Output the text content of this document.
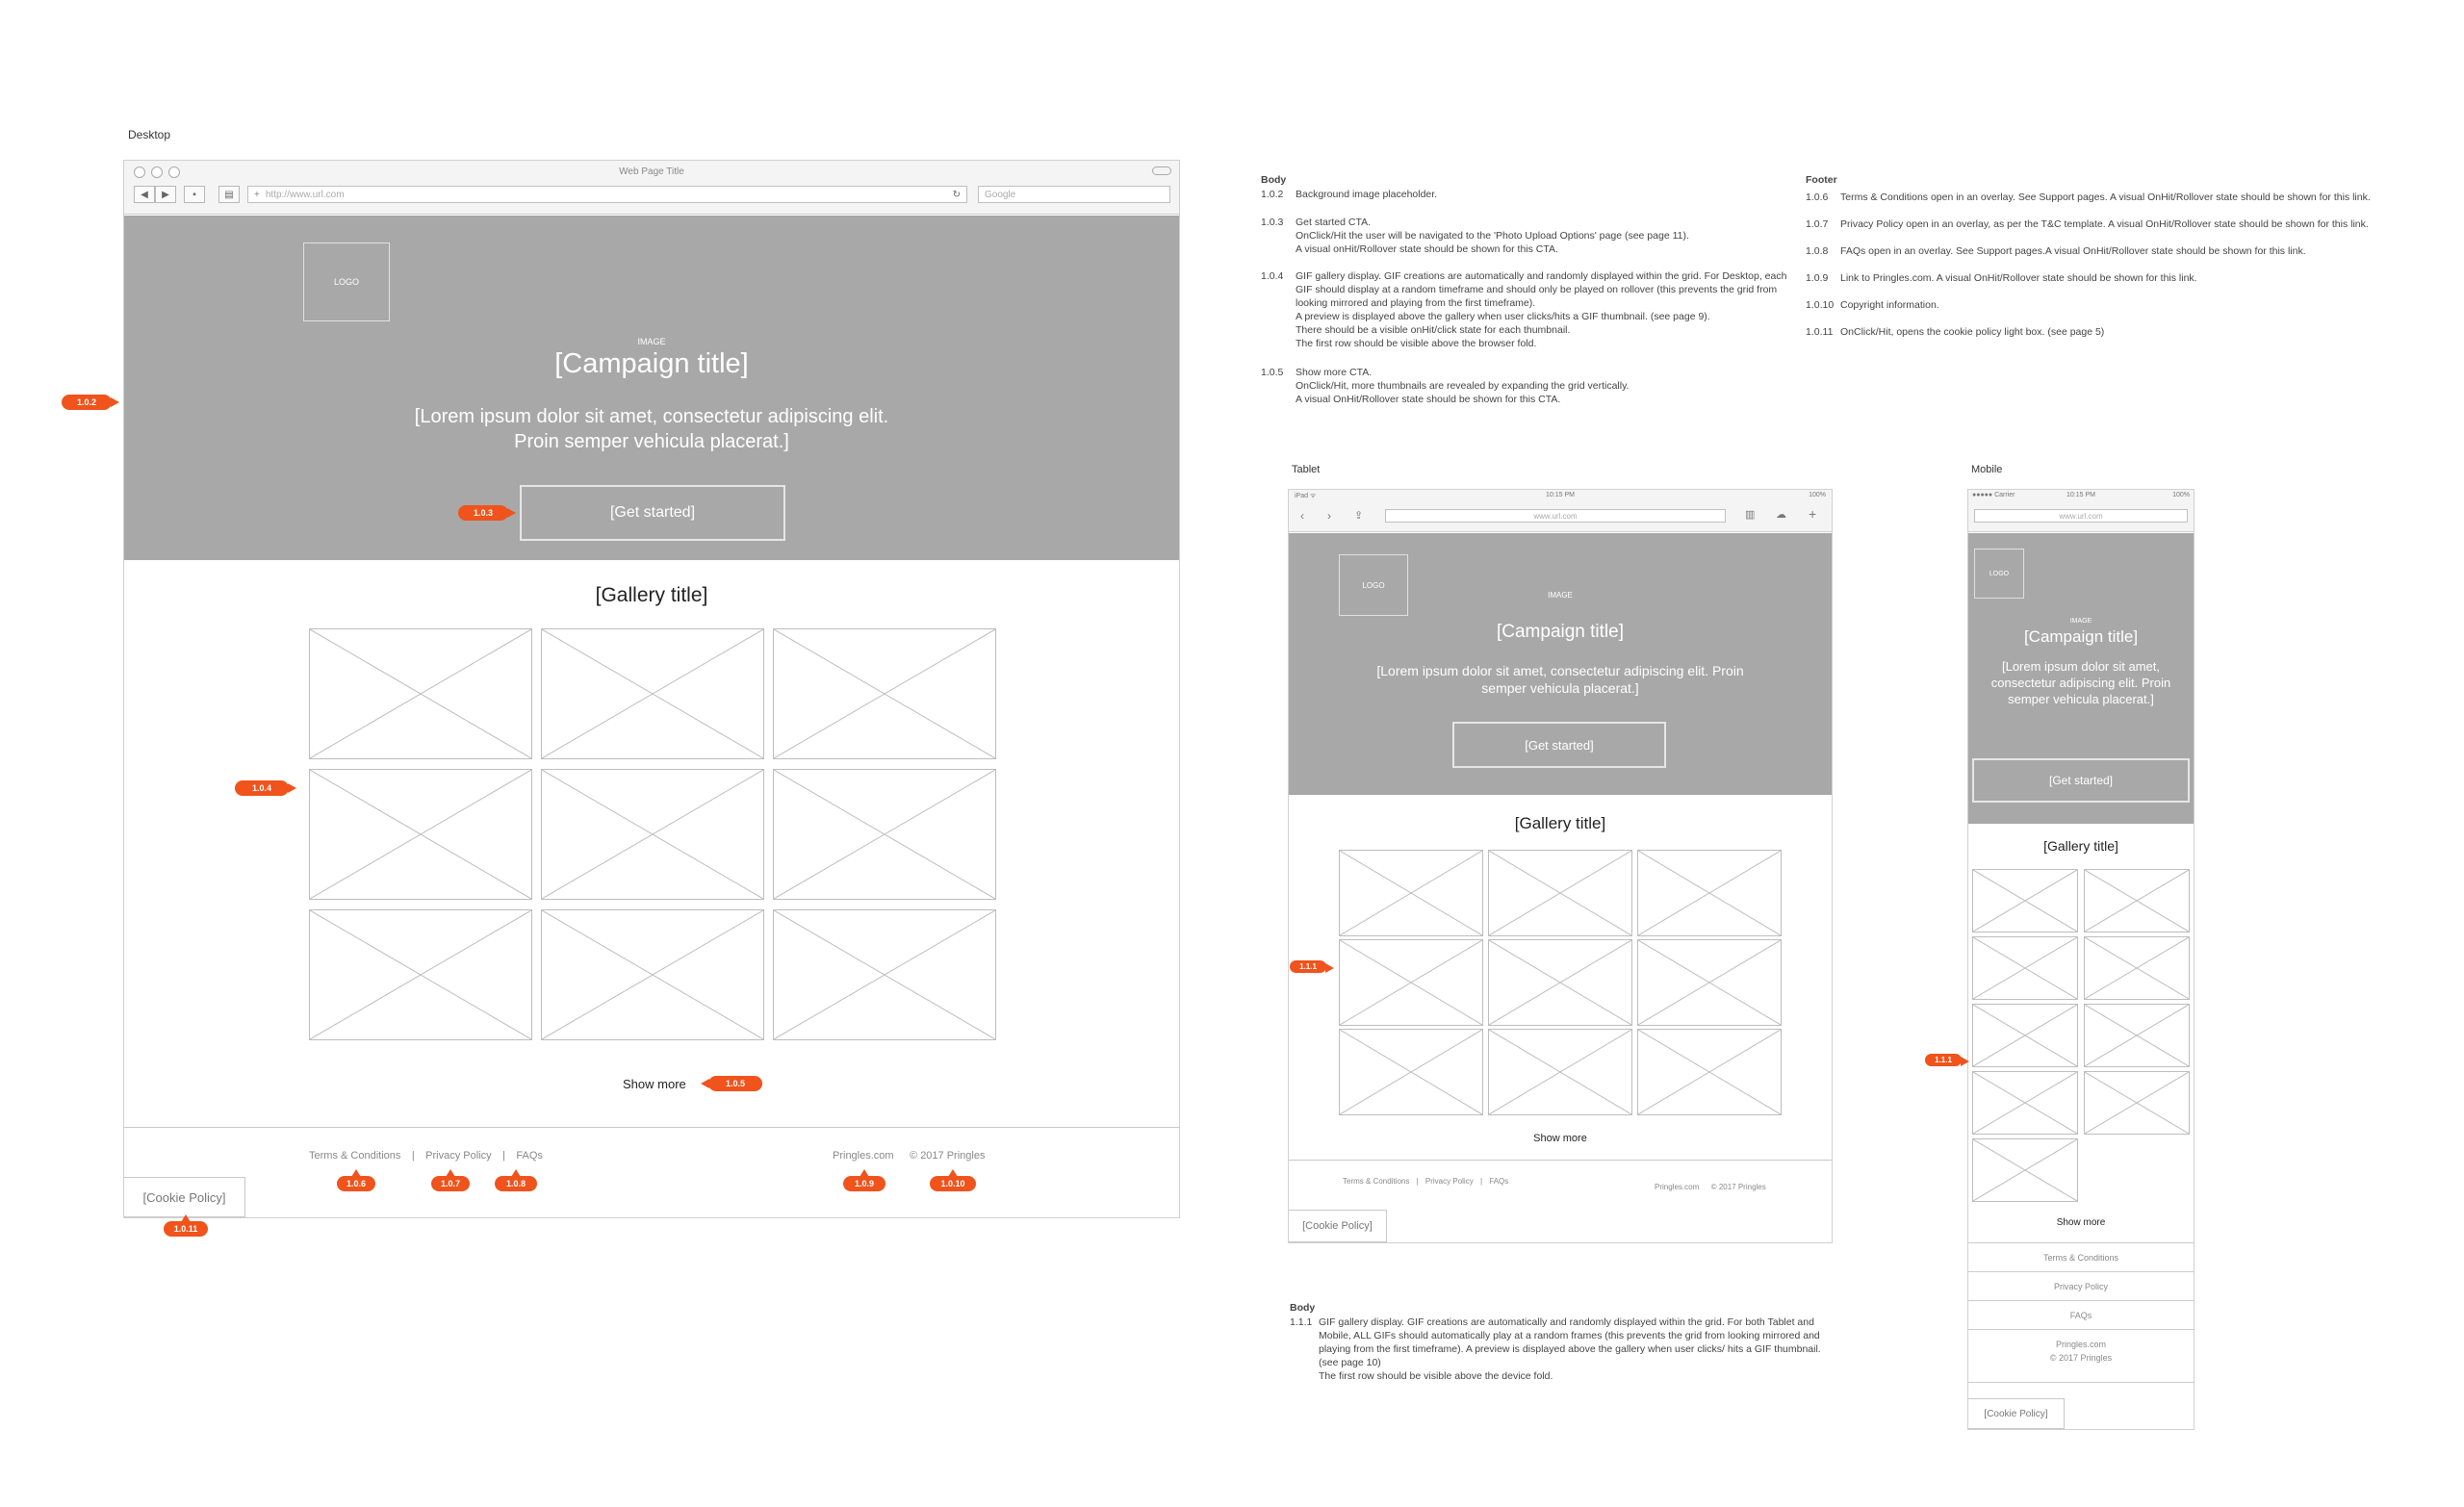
Desktop
Web Page Title
◀	▶	▪	▤	+ http://www.url.com	↻	Google
LOGO
IMAGE
[Campaign title]
[Lorem ipsum dolor sit amet, consectetur adipiscing elit. Proin semper vehicula placerat.]
[Get started]
[Gallery title]
Show more
Terms & Conditions | Privacy Policy | FAQs	Pringles.com © 2017 Pringles
[Cookie Policy]
1.0.2
1.0.3
1.0.4
1.0.5
1.0.6	1.0.7	1.0.8	1.0.9	1.0.10
1.0.11
Body
1.0.2 Background image placeholder.
1.0.3 Get started CTA.
OnClick/Hit the user will be navigated to the 'Photo Upload Options' page (see page 11).
A visual onHit/Rollover state should be shown for this CTA.
1.0.4 GIF gallery display. GIF creations are automatically and randomly displayed within the grid. For Desktop, each GIF should display at a random timeframe and should only be played on rollover (this prevents the grid from looking mirrored and playing from the first timeframe).
A preview is displayed above the gallery when user clicks/hits a GIF thumbnail. (see page 9).
There should be a visible onHit/click state for each thumbnail.
The first row should be visible above the browser fold.
1.0.5 Show more CTA.
OnClick/Hit, more thumbnails are revealed by expanding the grid vertically.
A visual OnHit/Rollover state should be shown for this CTA.
Footer
1.0.6 Terms & Conditions open in an overlay. See Support pages. A visual OnHit/Rollover state should be shown for this link.
1.0.7 Privacy Policy open in an overlay, as per the T&C template. A visual OnHit/Rollover state should be shown for this link.
1.0.8 FAQs open in an overlay. See Support pages.A visual OnHit/Rollover state should be shown for this link.
1.0.9 Link to Pringles.com. A visual OnHit/Rollover state should be shown for this link.
1.0.10 Copyright information.
1.0.11 OnClick/Hit, opens the cookie policy light box. (see page 5)
Tablet
iPad ᯤ	10:15 PM	100%
‹ › ⇪	www.url.com	▥ ☁ +
LOGO
IMAGE
[Campaign title]
[Lorem ipsum dolor sit amet, consectetur adipiscing elit. Proin semper vehicula placerat.]
[Get started]
[Gallery title]
Show more
Terms & Conditions | Privacy Policy | FAQs
Pringles.com © 2017 Pringles
[Cookie Policy]
1.1.1
Body
1.1.1 GIF gallery display. GIF creations are automatically and randomly displayed within the grid. For both Tablet and Mobile, ALL GIFs should automatically play at a random frames (this prevents the grid from looking mirrored and playing from the first timeframe). A preview is displayed above the gallery when user clicks/ hits a GIF thumbnail. (see page 10)
The first row should be visible above the device fold.
Mobile
●●●●● Carrier	10:15 PM	100%
www.url.com
LOGO
IMAGE
[Campaign title]
[Lorem ipsum dolor sit amet, consectetur adipiscing elit. Proin semper vehicula placerat.]
[Get started]
[Gallery title]
Show more
Terms & Conditions
Privacy Policy
FAQs
Pringles.com
© 2017 Pringles
[Cookie Policy]
1.1.1
